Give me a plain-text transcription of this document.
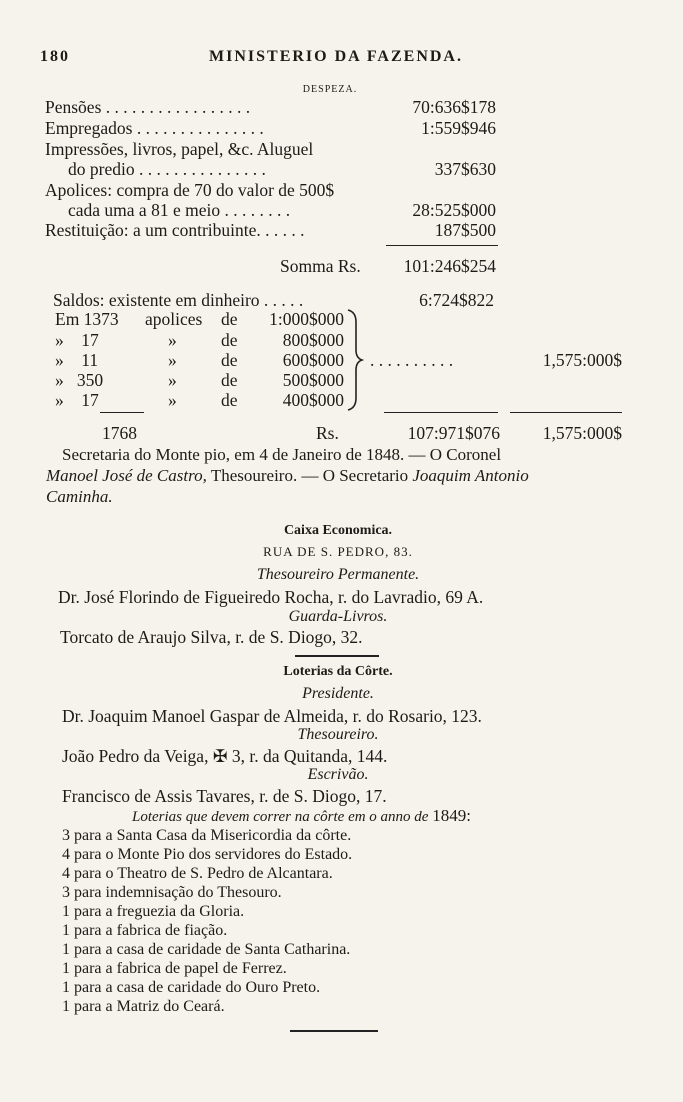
180	MINISTERIO DA FAZENDA.
DESPEZA.
Pensões . . . . . . . . . . . . . . . . .	70:636$178
Empregados . . . . . . . . . . . . . . .	1:559$946
Impressões, livros, papel, &c. Aluguel
do predio . . . . . . . . . . . . . . .	337$630
Apolices: compra de 70 do valor de 500$
cada uma a 81 e meio . . . . . . . .	28:525$000
Restituição: a um contribuinte. . . . . .	187$500
Somma Rs. 101:246$254
Saldos: existente em dinheiro . . . . .	6:724$822
Em 1373 apolices de 1:000$000
»    17	»	de	800$000
»    11	»	de	600$000
»   350	»	de	500$000
»    17	»	de	400$000
. . . . . . . . . .	1,575:000$
1768	Rs.	107:971$076 1,575:000$
Secretaria do Monte pio, em 4 de Janeiro de 1848. — O Coronel
Manoel José de Castro, Thesoureiro. — O Secretario Joaquim Antonio
Caminha.
Caixa Economica.
RUA DE S. PEDRO, 83.
Thesoureiro Permanente.
Dr. José Florindo de Figueiredo Rocha, r. do Lavradio, 69 A.
Guarda-Livros.
Torcato de Araujo Silva, r. de S. Diogo, 32.
Loterias da Côrte.
Presidente.
Dr. Joaquim Manoel Gaspar de Almeida, r. do Rosario, 123.
Thesoureiro.
João Pedro da Veiga, ✠ 3, r. da Quitanda, 144.
Escrivão.
Francisco de Assis Tavares, r. de S. Diogo, 17.
Loterias que devem correr na côrte em o anno de 1849:
3 para a Santa Casa da Misericordia da côrte.
4 para o Monte Pio dos servidores do Estado.
4 para o Theatro de S. Pedro de Alcantara.
3 para indemnisação do Thesouro.
1 para a freguezia da Gloria.
1 para a fabrica de fiação.
1 para a casa de caridade de Santa Catharina.
1 para a fabrica de papel de Ferrez.
1 para a casa de caridade do Ouro Preto.
1 para a Matriz do Ceará.
